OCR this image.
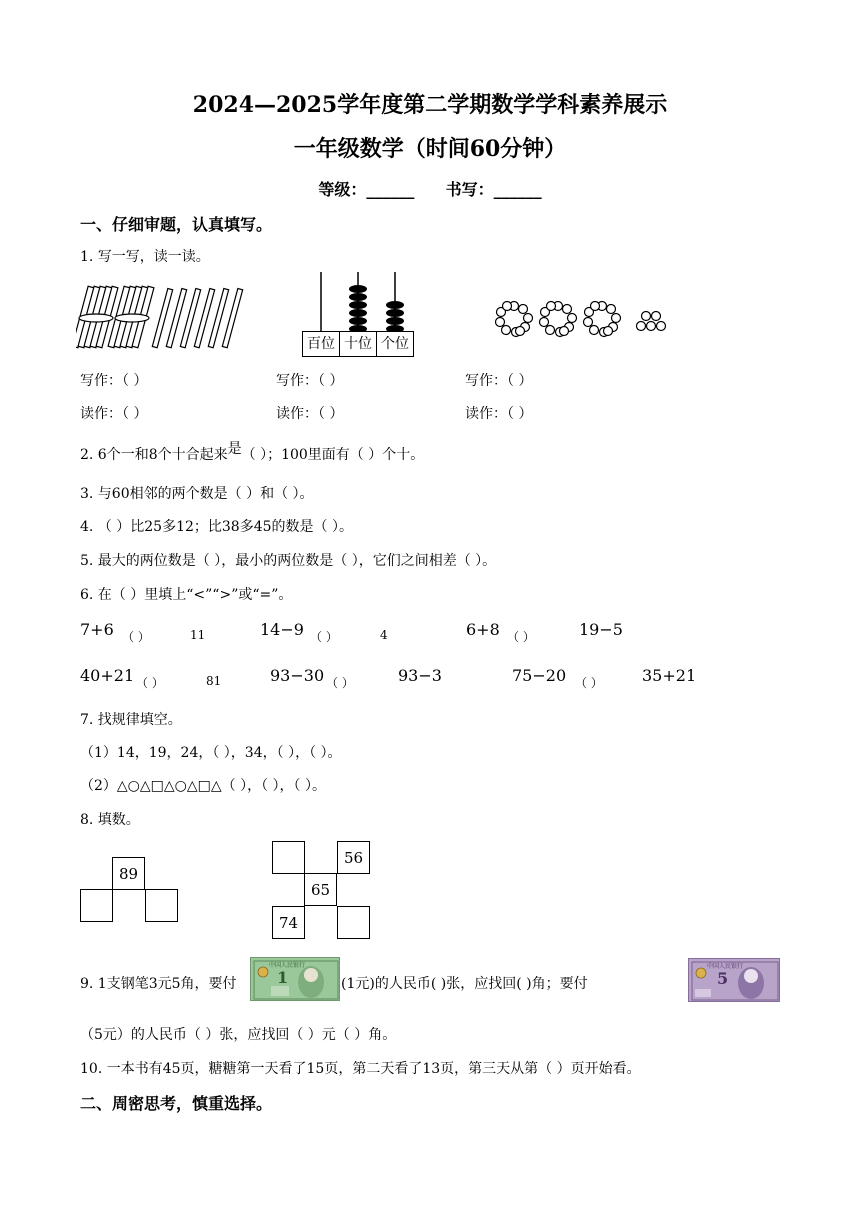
2024—2025学年度第二学期数学学科素养展示
一年级数学（时间60分钟）
等级：______ 书写：______
一、仔细审题，认真填写。
1. 写一写，读一读。
百位 十位 个位
写作：（ ）	写作：（ ）	写作：（ ）
读作：（ ）	读作：（ ）	读作：（ ）
2. 6个一和8个十合起来是（ ）；100里面有（ ）个十。
3. 与60相邻的两个数是（ ）和（ ）。
4. （ ）比25多12；比38多45的数是（ ）。
5. 最大的两位数是（ ），最小的两位数是（ ），它们之间相差（ ）。
6. 在（ ）里填上“<”“>”或“=”。
7+6 （ ）	11	14−9 （ ）	4	6+8 （ ）	19−5
40+21 （ ）	81	93−30 （ ）	93−3	75−20 （ ） 35+21
7. 找规律填空。
（1）14，19，24，（ ），34，（ ），（ ）。
（2）△○△□△○△□△（ ），（ ），（ ）。
8. 填数。
89
56
65
74
9. 1支钢笔3元5角，要付	1
中国人民银行
(1元)的人民币( )张，应找回( )角；要付	5
中国人民银行
（5元）的人民币（ ）张，应找回（ ）元（ ）角。
10. 一本书有45页，糖糖第一天看了15页，第二天看了13页，第三天从第（ ）页开始看。
二、周密思考，慎重选择。
